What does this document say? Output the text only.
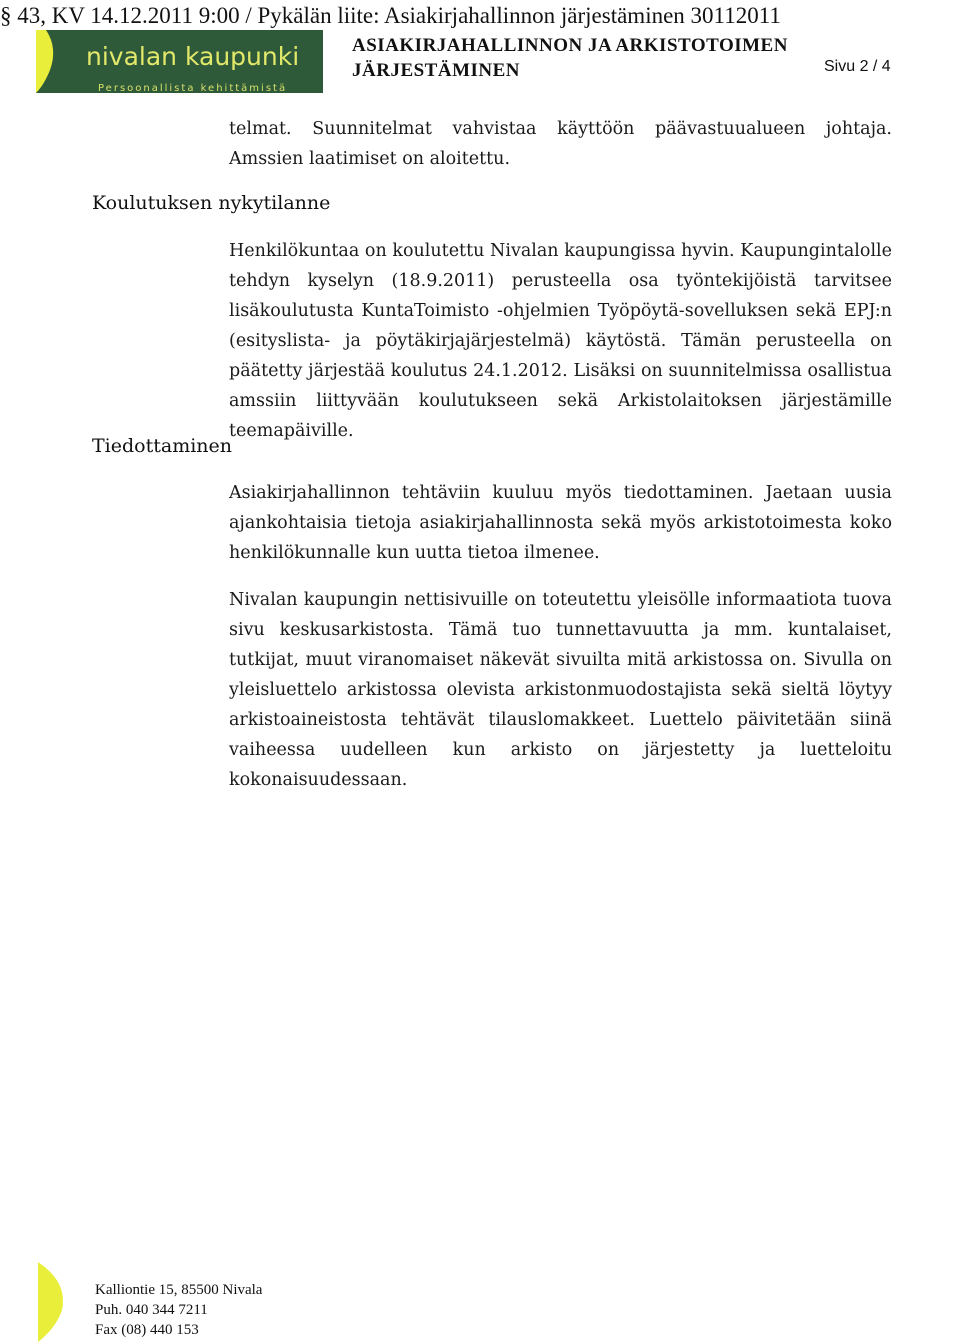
§ 43, KV 14.12.2011 9:00 / Pykälän liite: Asiakirjahallinnon järjestäminen 30112011
nivalan kaupunki
Persoonallista kehittämistä
ASIAKIRJAHALLINNON JA ARKISTOTOIMEN
JÄRJESTÄMINEN	Sivu 2 / 4

telmat. Suunnitelmat vahvistaa käyttöön päävastuualueen johtaja. Amssien laatimiset on aloitettu.

Koulutuksen nykytilanne

Henkilökuntaa on koulutettu Nivalan kaupungissa hyvin. Kaupungintalolle tehdyn kyselyn (18.9.2011) perusteella osa työntekijöistä tarvitsee lisäkoulutusta KuntaToimisto -ohjelmien Työpöytä-sovelluksen sekä EPJ:n (esityslista- ja pöytäkirjajärjestelmä) käytöstä. Tämän perusteella on päätetty järjestää koulutus 24.1.2012. Lisäksi on suunnitelmissa osallistua amssiin liittyvään koulutukseen sekä Arkistolaitoksen järjestämille teemapäiville.

Tiedottaminen

Asiakirjahallinnon tehtäviin kuuluu myös tiedottaminen. Jaetaan uusia ajankohtaisia tietoja asiakirjahallinnosta sekä myös arkistotoimesta koko henkilökunnalle kun uutta tietoa ilmenee.

Nivalan kaupungin nettisivuille on toteutettu yleisölle informaatiota tuova sivu keskusarkistosta. Tämä tuo tunnettavuutta ja mm. kuntalaiset, tutkijat, muut viranomaiset näkevät sivuilta mitä arkistossa on. Sivulla on yleisluettelo arkistossa olevista arkistonmuodostajista sekä sieltä löytyy arkistoaineistosta tehtävät tilauslomakkeet. Luettelo päivitetään siinä vaiheessa uudelleen kun arkisto on järjestetty ja luetteloitu kokonaisuudessaan.

Kalliontie 15, 85500 Nivala
Puh. 040 344 7211
Fax (08) 440 153
